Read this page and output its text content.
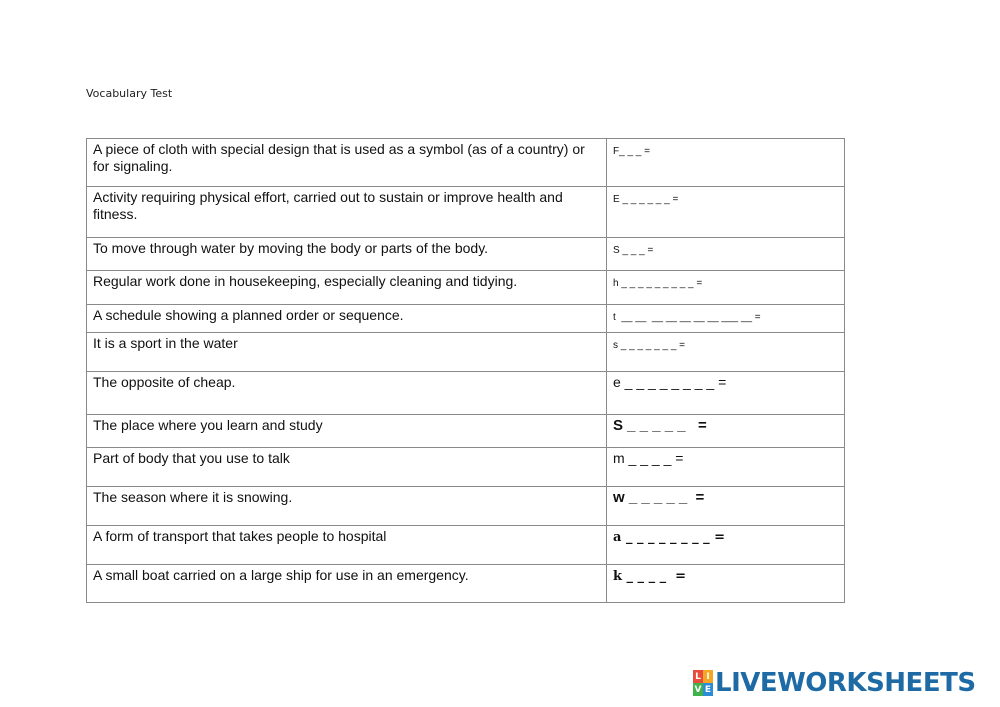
Vocabulary Test
A piece of cloth with special design that is used as a symbol (as of a country) or for signaling.	F_ _ _ =
Activity requiring physical effort, carried out to sustain or improve health and fitness.	E _ _ _ _ _ _ =
To move through water by moving the body or parts of the body.	S _ _ _ =
Regular work done in housekeeping, especially cleaning and tidying.	h _ _ _ _ _ _ _ _ _ =
A schedule showing a planned order or sequence.	t  __ __  __ __ __ __ __ ___ __ =
It is a sport in the water	s _ _ _ _ _ _ _ =
The opposite of cheap.	e _ _ _ _ _ _ _ _ =
The place where you learn and study	S _ _ _ _ _   =
Part of body that you use to talk	m _ _ _ _ =
The season where it is snowing.	w _ _ _ _ _  =
A form of transport that takes people to hospital	a _ _ _ _ _ _ _ _ =
A small boat carried on a large ship for use in an emergency.	k _ _ _ _  =
L I
V E LIVEWORKSHEETS
